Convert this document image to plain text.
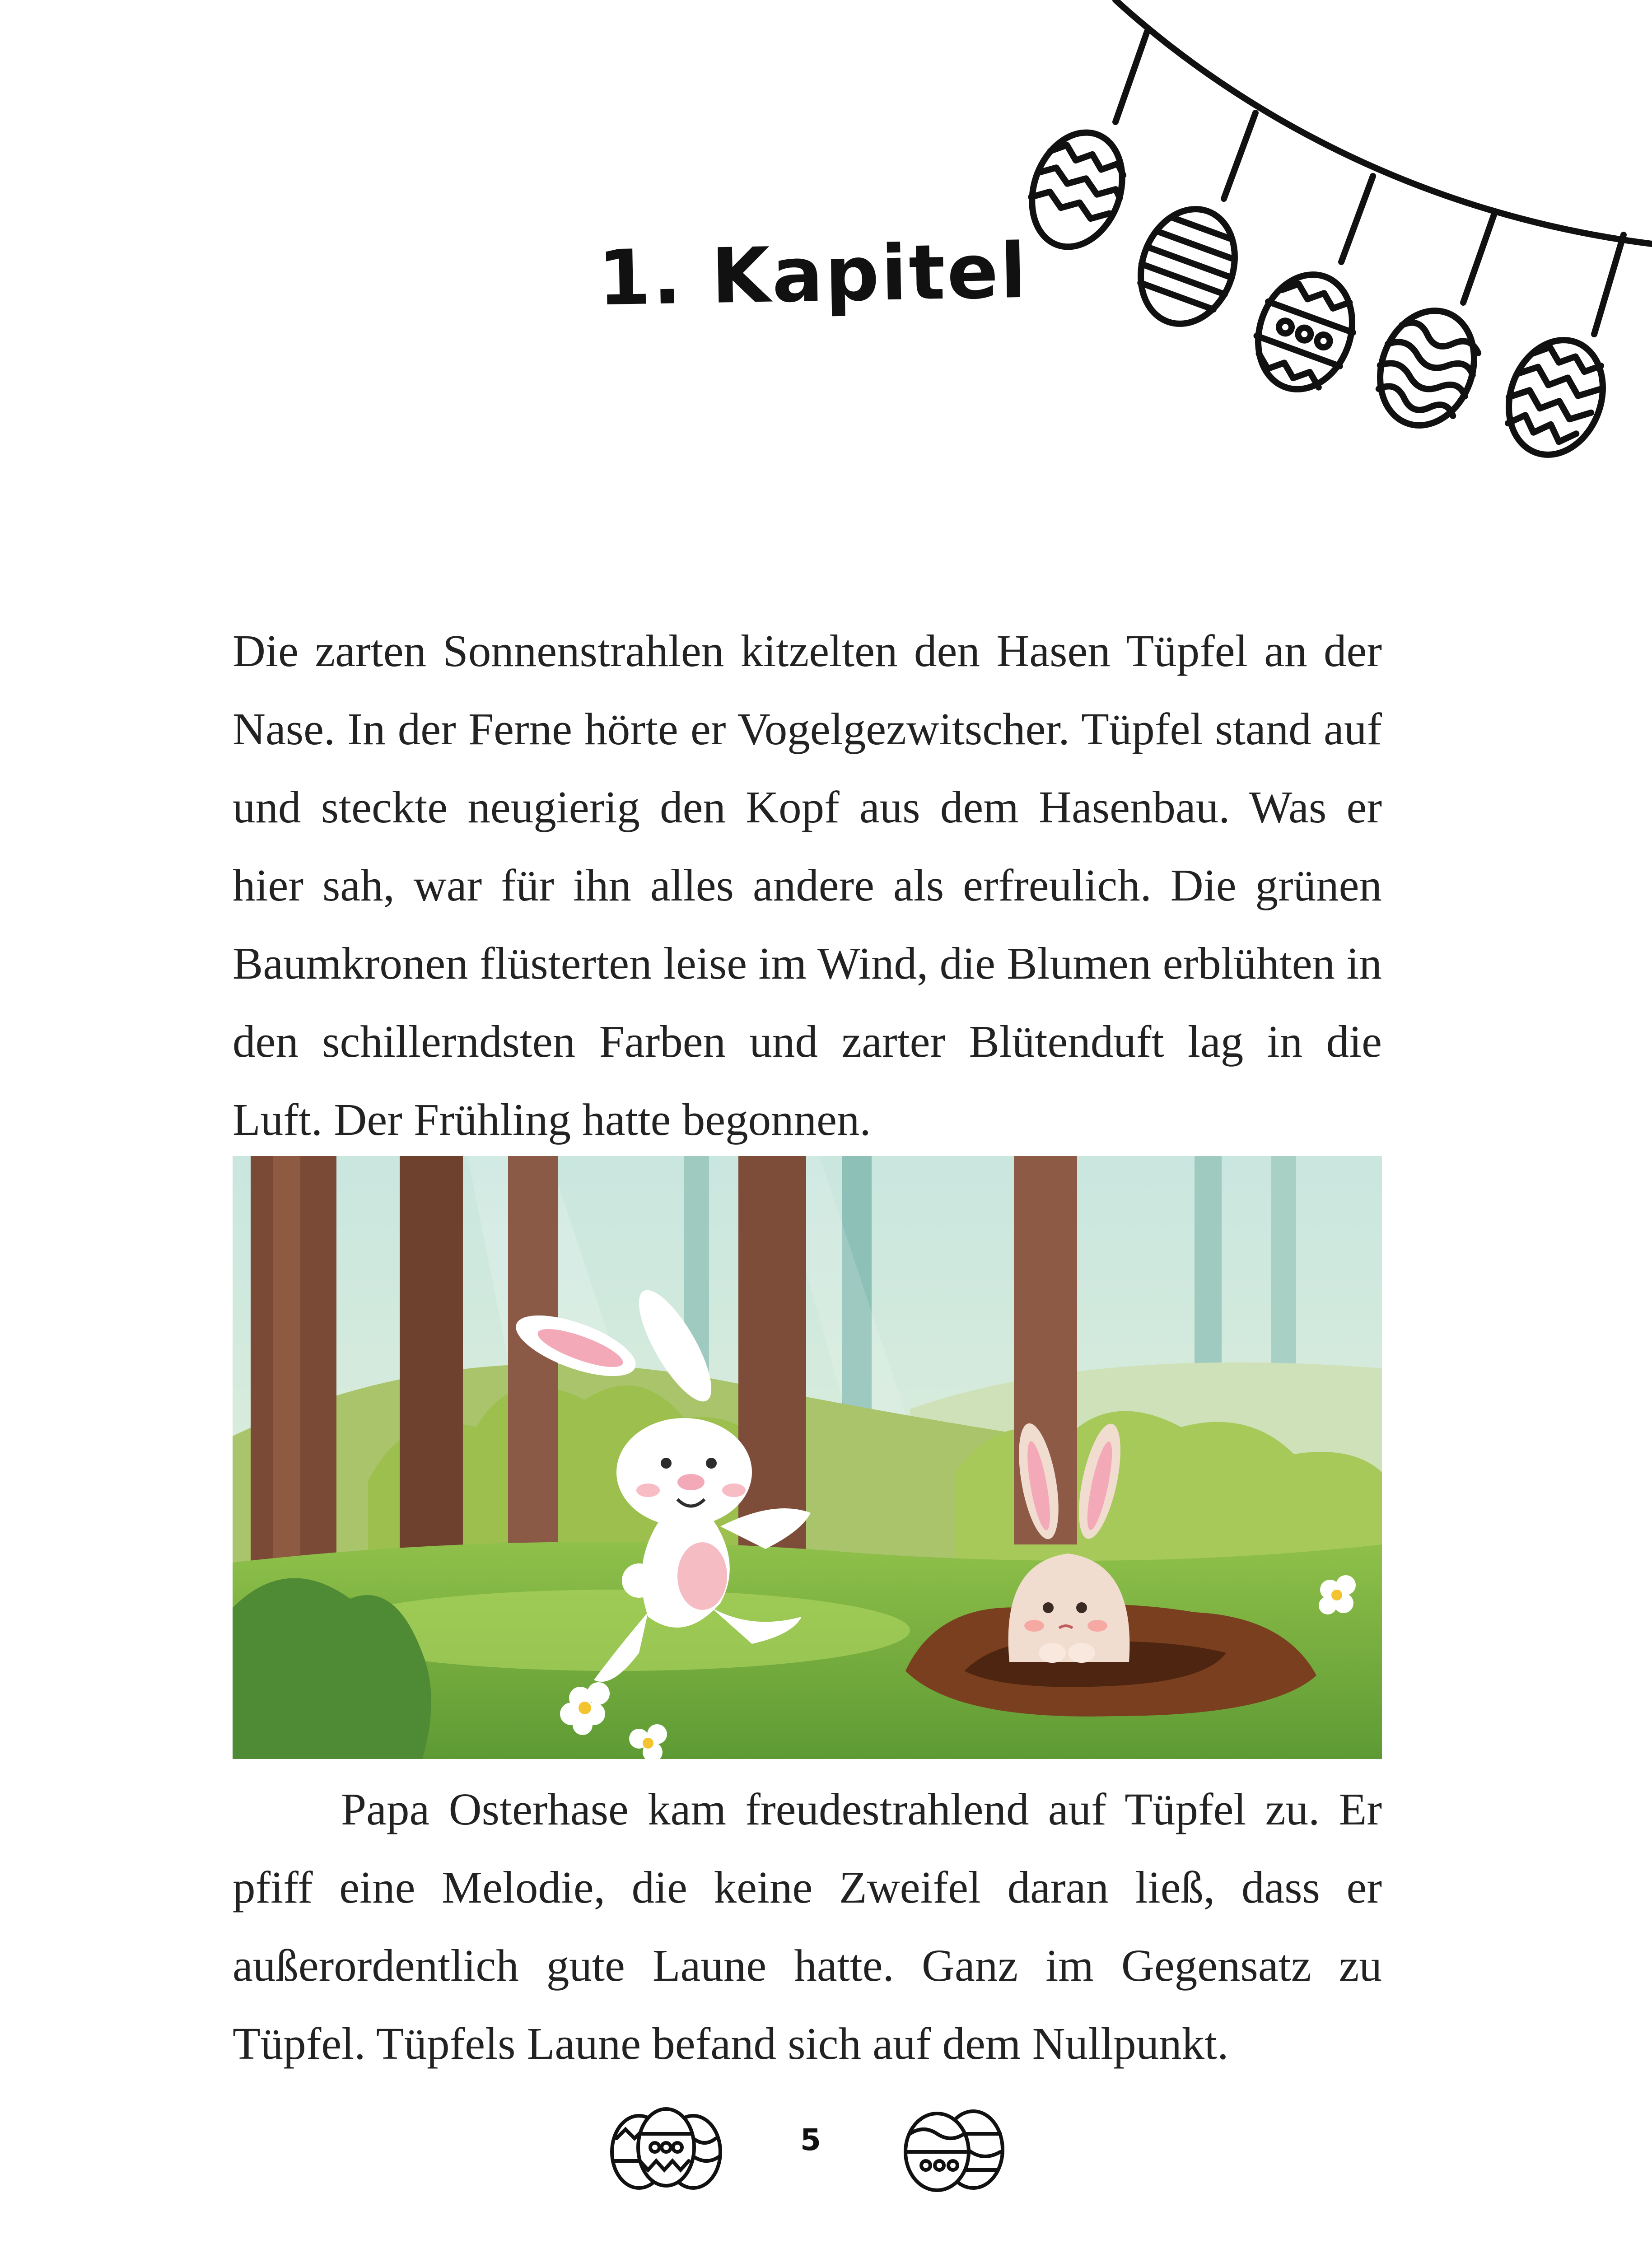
1. Kapitel

Die zarten Sonnenstrahlen kitzelten den Hasen Tüpfel an der Nase. In der Ferne hörte er Vogelgezwitscher. Tüpfel stand auf und steckte neugierig den Kopf aus dem Hasenbau. Was er hier sah, war für ihn alles andere als erfreulich. Die grünen Baumkronen flüsterten leise im Wind, die Blumen erblühten in den schillerndsten Farben und zarter Blütenduft lag in die Luft. Der Frühling hatte begonnen.

Papa Osterhase kam freudestrahlend auf Tüpfel zu. Er pfiff eine Melodie, die keine Zweifel daran ließ, dass er außerordentlich gute Laune hatte. Ganz im Gegensatz zu Tüpfel. Tüpfels Laune befand sich auf dem Nullpunkt.

5
